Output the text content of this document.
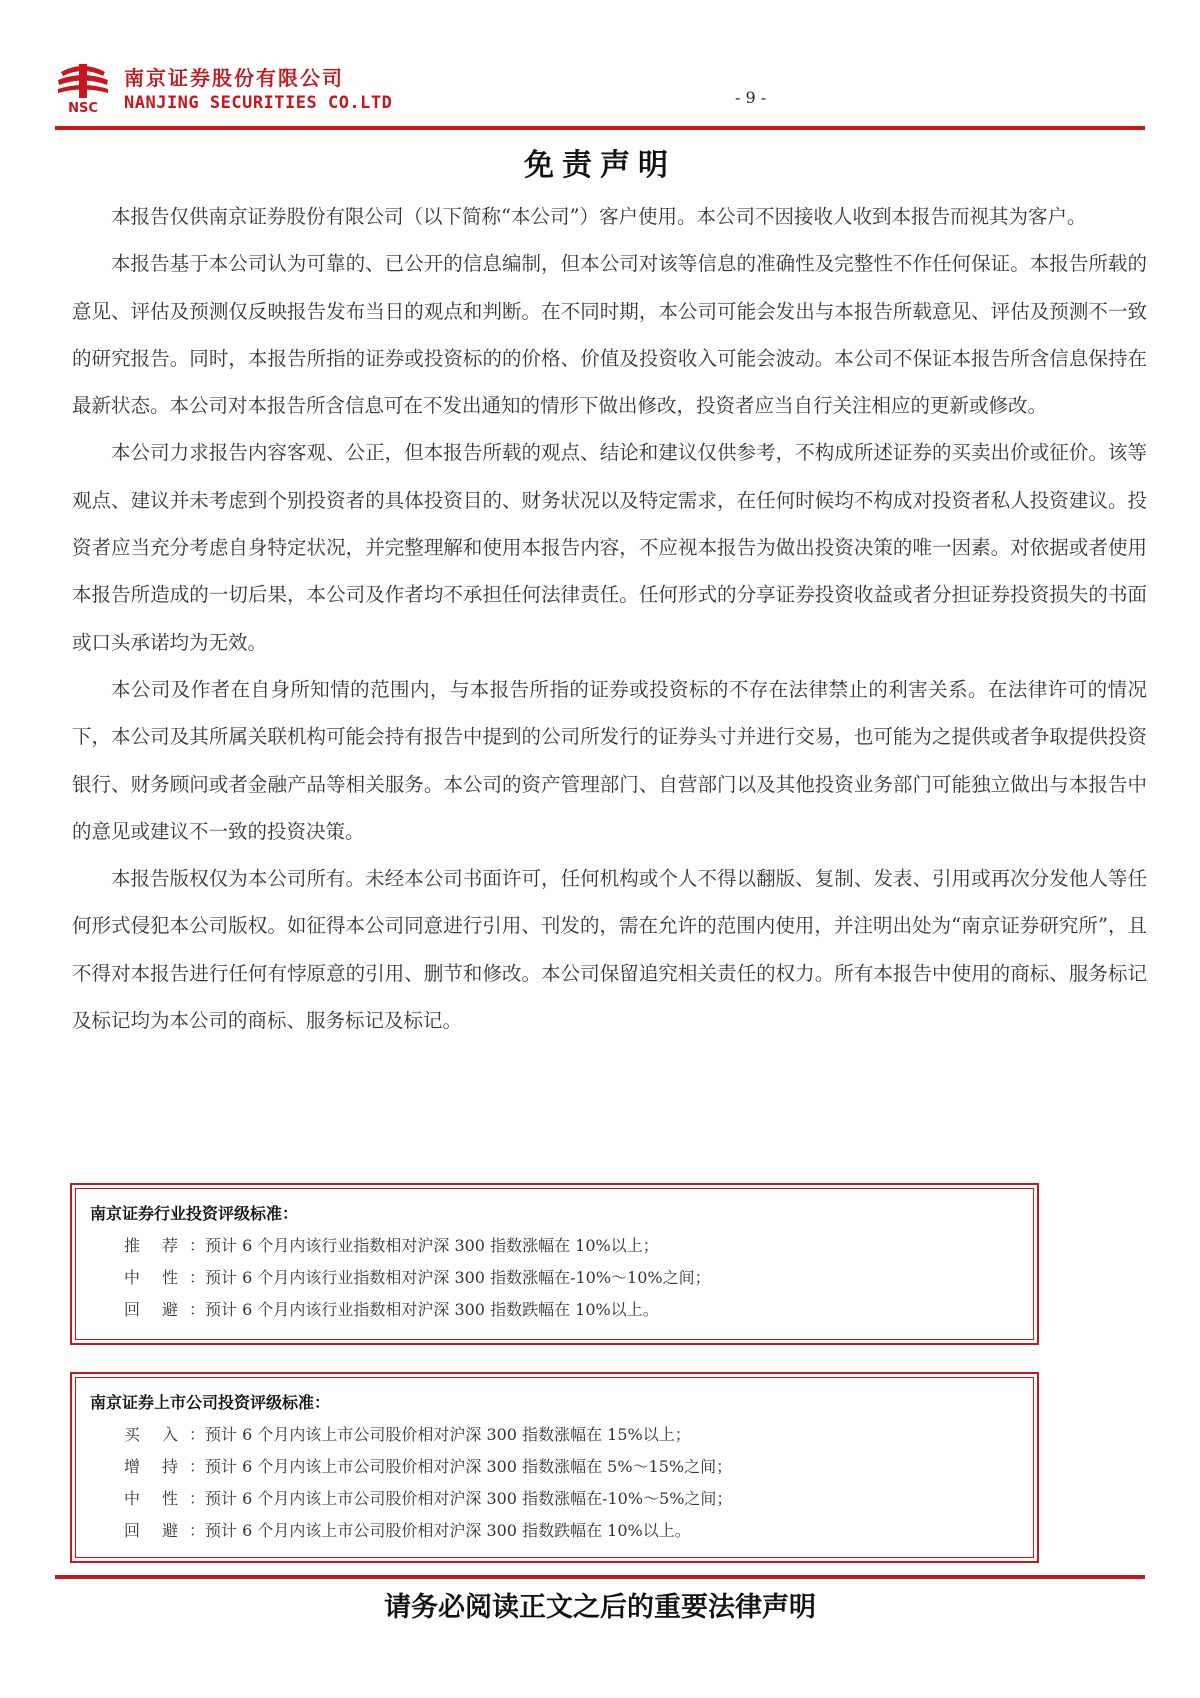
NSC
南京证券股份有限公司
NANJING SECURITIES CO.LTD	- 9 -
免责声明

本报告仅供南京证券股份有限公司（以下简称“本公司”）客户使用。本公司不因接收人收到本报告而视其为客户。

本报告基于本公司认为可靠的、已公开的信息编制，但本公司对该等信息的准确性及完整性不作任何保证。本报告所载的意见、评估及预测仅反映报告发布当日的观点和判断。在不同时期，本公司可能会发出与本报告所载意见、评估及预测不一致的研究报告。同时，本报告所指的证券或投资标的的价格、价值及投资收入可能会波动。本公司不保证本报告所含信息保持在最新状态。本公司对本报告所含信息可在不发出通知的情形下做出修改，投资者应当自行关注相应的更新或修改。

本公司力求报告内容客观、公正，但本报告所载的观点、结论和建议仅供参考，不构成所述证券的买卖出价或征价。该等观点、建议并未考虑到个别投资者的具体投资目的、财务状况以及特定需求，在任何时候均不构成对投资者私人投资建议。投资者应当充分考虑自身特定状况，并完整理解和使用本报告内容，不应视本报告为做出投资决策的唯一因素。对依据或者使用本报告所造成的一切后果，本公司及作者均不承担任何法律责任。任何形式的分享证券投资收益或者分担证券投资损失的书面或口头承诺均为无效。

本公司及作者在自身所知情的范围内，与本报告所指的证券或投资标的不存在法律禁止的利害关系。在法律许可的情况下，本公司及其所属关联机构可能会持有报告中提到的公司所发行的证券头寸并进行交易，也可能为之提供或者争取提供投资银行、财务顾问或者金融产品等相关服务。本公司的资产管理部门、自营部门以及其他投资业务部门可能独立做出与本报告中的意见或建议不一致的投资决策。

本报告版权仅为本公司所有。未经本公司书面许可，任何机构或个人不得以翻版、复制、发表、引用或再次分发他人等任何形式侵犯本公司版权。如征得本公司同意进行引用、刊发的，需在允许的范围内使用，并注明出处为“南京证券研究所”，且不得对本报告进行任何有悖原意的引用、删节和修改。本公司保留追究相关责任的权力。所有本报告中使用的商标、服务标记及标记均为本公司的商标、服务标记及标记。

南京证券行业投资评级标准：
推荐 ：预计 6 个月内该行业指数相对沪深 300 指数涨幅在 10%以上；
中性 ：预计 6 个月内该行业指数相对沪深 300 指数涨幅在-10%～10%之间；
回避 ：预计 6 个月内该行业指数相对沪深 300 指数跌幅在 10%以上。
南京证券上市公司投资评级标准：
买入 ：预计 6 个月内该上市公司股价相对沪深 300 指数涨幅在 15%以上；
增持 ：预计 6 个月内该上市公司股价相对沪深 300 指数涨幅在 5%～15%之间；
中性 ：预计 6 个月内该上市公司股价相对沪深 300 指数涨幅在-10%～5%之间；
回避 ：预计 6 个月内该上市公司股价相对沪深 300 指数跌幅在 10%以上。
请务必阅读正文之后的重要法律声明
